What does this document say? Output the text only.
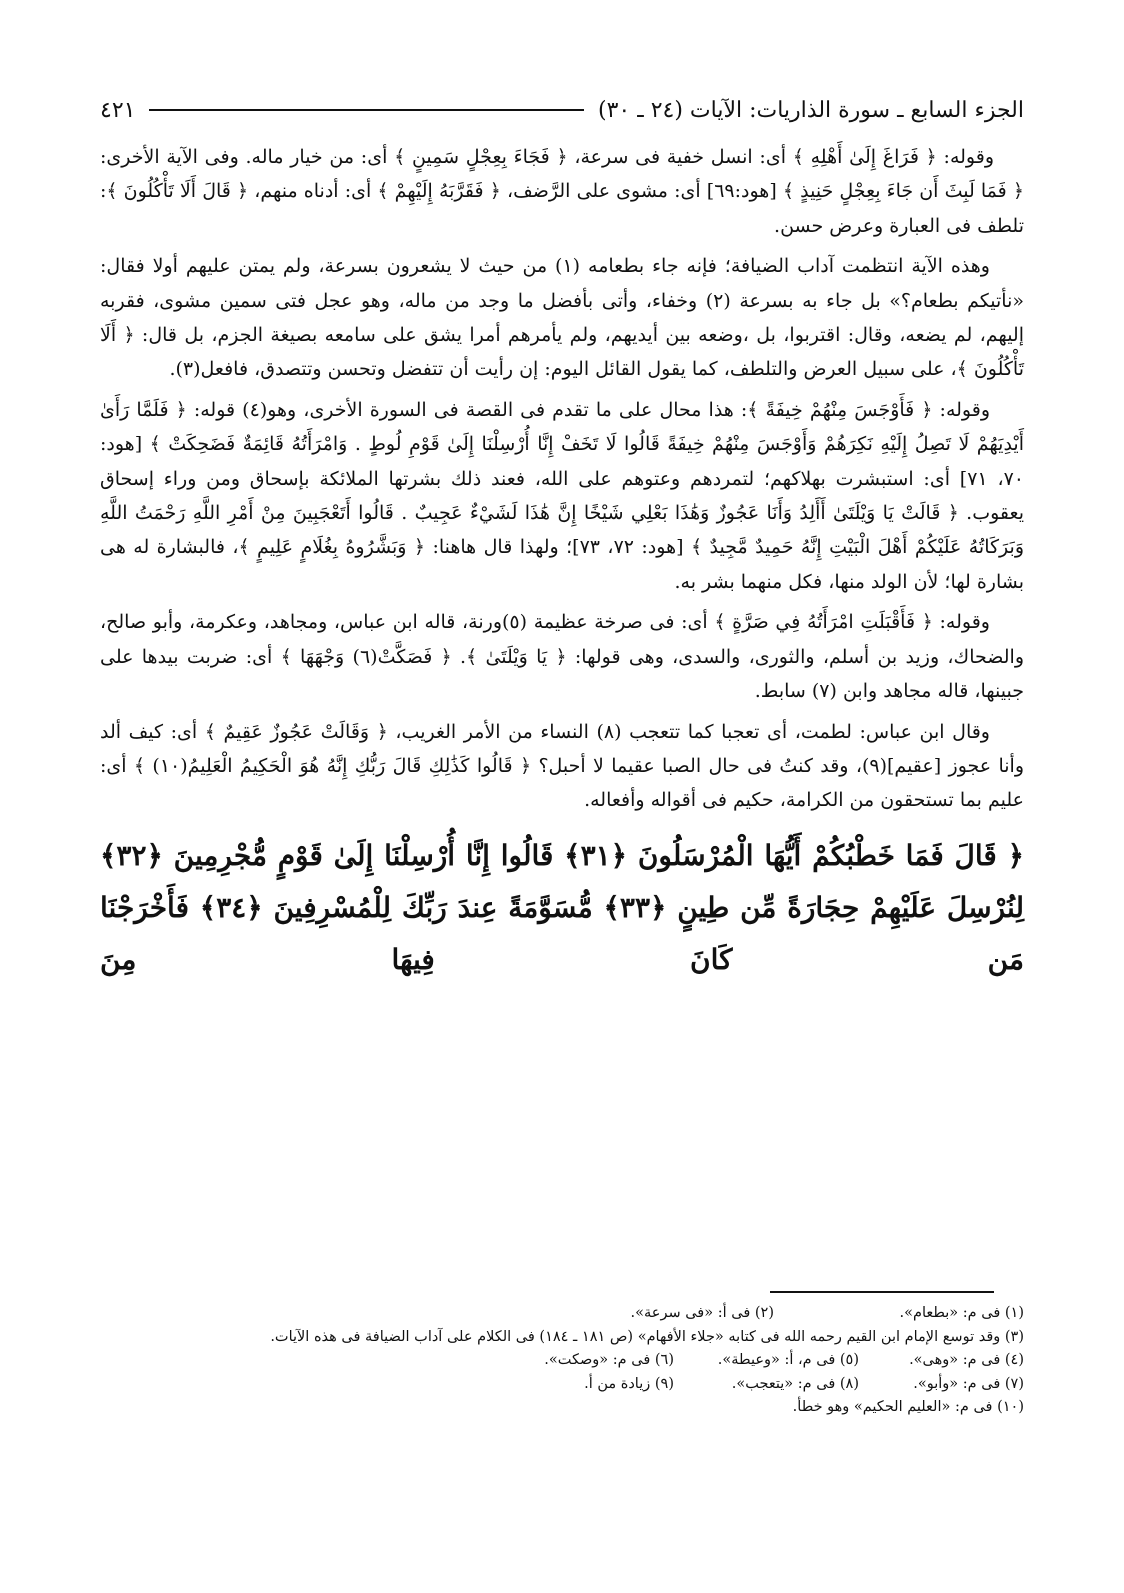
الجزء السابع ـ سورة الذاريات: الآيات (٢٤ ـ ٣٠)
٤٢١

وقوله: ﴿ فَرَاغَ إِلَىٰ أَهْلِهِ ﴾ أى: انسل خفية فى سرعة، ﴿ فَجَاءَ بِعِجْلٍ سَمِينٍ ﴾ أى: من خيار ماله. وفى الآية الأخرى: ﴿ فَمَا لَبِثَ أَن جَاءَ بِعِجْلٍ حَنِيذٍ ﴾ [هود:٦٩] أى: مشوى على الرَّضف، ﴿ فَقَرَّبَهُ إِلَيْهِمْ ﴾ أى: أدناه منهم، ﴿ قَالَ أَلَا تَأْكُلُونَ ﴾: تلطف فى العبارة وعرض حسن.

وهذه الآية انتظمت آداب الضيافة؛ فإنه جاء بطعامه (١) من حيث لا يشعرون بسرعة، ولم يمتن عليهم أولا فقال: «نأتيكم بطعام؟» بل جاء به بسرعة (٢) وخفاء، وأتى بأفضل ما وجد من ماله، وهو عجل فتى سمين مشوى، فقربه إليهم، لم يضعه، وقال: اقتربوا، بل ،وضعه بين أيديهم، ولم يأمرهم أمرا يشق على سامعه بصيغة الجزم، بل قال: ﴿ أَلَا تَأْكُلُونَ ﴾، على سبيل العرض والتلطف، كما يقول القائل اليوم: إن رأيت أن تتفضل وتحسن وتتصدق، فافعل(٣).

وقوله: ﴿ فَأَوْجَسَ مِنْهُمْ خِيفَةً ﴾: هذا محال على ما تقدم فى القصة فى السورة الأخرى، وهو(٤) قوله: ﴿ فَلَمَّا رَأَىٰ أَيْدِيَهُمْ لَا تَصِلُ إِلَيْهِ نَكِرَهُمْ وَأَوْجَسَ مِنْهُمْ خِيفَةً قَالُوا لَا تَخَفْ إِنَّا أُرْسِلْنَا إِلَىٰ قَوْمِ لُوطٍ . وَامْرَأَتُهُ قَائِمَةٌ فَضَحِكَتْ ﴾ [هود: ٧٠، ٧١] أى: استبشرت بهلاكهم؛ لتمردهم وعتوهم على الله، فعند ذلك بشرتها الملائكة بإسحاق ومن وراء إسحاق يعقوب. ﴿ قَالَتْ يَا وَيْلَتَىٰ أَأَلِدُ وَأَنَا عَجُوزٌ وَهَٰذَا بَعْلِي شَيْخًا إِنَّ هَٰذَا لَشَيْءٌ عَجِيبٌ . قَالُوا أَتَعْجَبِينَ مِنْ أَمْرِ اللَّهِ رَحْمَتُ اللَّهِ وَبَرَكَاتُهُ عَلَيْكُمْ أَهْلَ الْبَيْتِ إِنَّهُ حَمِيدٌ مَّجِيدٌ ﴾ [هود: ٧٢، ٧٣]؛ ولهذا قال هاهنا: ﴿ وَبَشَّرُوهُ بِغُلَامٍ عَلِيمٍ ﴾، فالبشارة له هى بشارة لها؛ لأن الولد منها، فكل منهما بشر به.

وقوله: ﴿ فَأَقْبَلَتِ امْرَأَتُهُ فِي صَرَّةٍ ﴾ أى: فى صرخة عظيمة (٥)ورنة، قاله ابن عباس، ومجاهد، وعكرمة، وأبو صالح، والضحاك، وزيد بن أسلم، والثورى، والسدى، وهى قولها: ﴿ يَا وَيْلَتَىٰ ﴾. ﴿ فَصَكَّتْ(٦) وَجْهَهَا ﴾ أى: ضربت بيدها على جبينها، قاله مجاهد وابن (٧) سابط.

وقال ابن عباس: لطمت، أى تعجبا كما تتعجب (٨) النساء من الأمر الغريب، ﴿ وَقَالَتْ عَجُوزٌ عَقِيمٌ ﴾ أى: كيف ألد وأنا عجوز [عقيم](٩)، وقد كنتُ فى حال الصبا عقيما لا أحبل؟ ﴿ قَالُوا كَذَٰلِكِ قَالَ رَبُّكِ إِنَّهُ هُوَ الْحَكِيمُ الْعَلِيمُ(١٠) ﴾ أى: عليم بما تستحقون من الكرامة، حكيم فى أقواله وأفعاله.

﴿ قَالَ فَمَا خَطْبُكُمْ أَيُّهَا الْمُرْسَلُونَ ﴿٣١﴾ قَالُوا إِنَّا أُرْسِلْنَا إِلَىٰ قَوْمٍ مُّجْرِمِينَ ﴿٣٢﴾ لِنُرْسِلَ عَلَيْهِمْ حِجَارَةً مِّن طِينٍ ﴿٣٣﴾ مُّسَوَّمَةً عِندَ رَبِّكَ لِلْمُسْرِفِينَ ﴿٣٤﴾ فَأَخْرَجْنَا مَن كَانَ فِيهَا مِنَ
(١) فى م: «بطعام».
(٢) فى أ: «فى سرعة».
(٣) وقد توسع الإمام ابن القيم رحمه الله فى كتابه «جلاء الأفهام» (ص ١٨١ ـ ١٨٤) فى الكلام على آداب الضيافة فى هذه الآيات.
(٤) فى م: «وهى».
(٥) فى م، أ: «وعيطة».
(٦) فى م: «وصكت».
(٧) فى م: «وأبو».
(٨) فى م: «يتعجب».
(٩) زيادة من أ.
(١٠) فى م: «العليم الحكيم» وهو خطأ.
